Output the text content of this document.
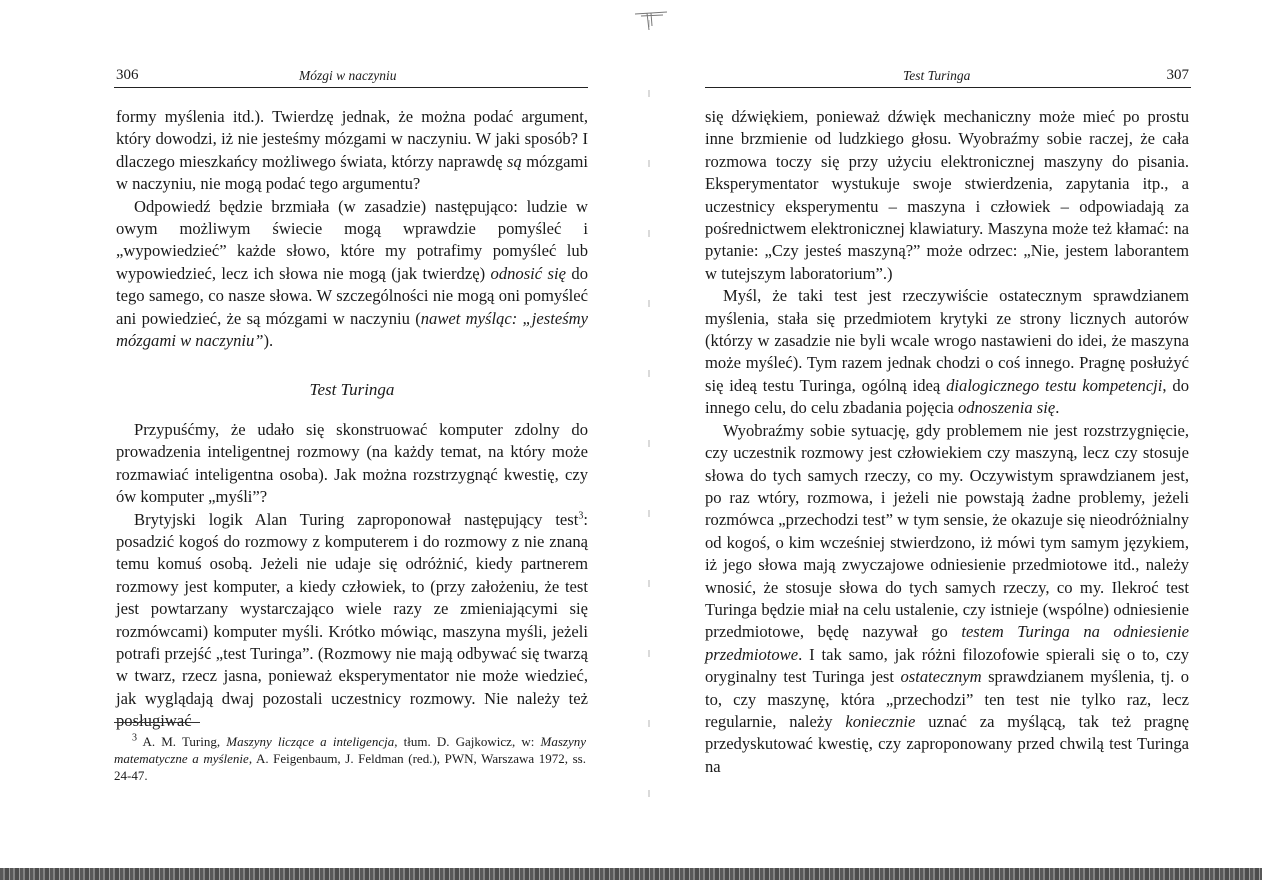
306	Mózgi w naczyniu

formy myślenia itd.). Twierdzę jednak, że można podać argument, który dowodzi, iż nie jesteśmy mózgami w naczyniu. W jaki sposób? I dlaczego mieszkańcy możliwego świata, którzy naprawdę są mózgami w naczyniu, nie mogą podać tego argumentu?

Odpowiedź będzie brzmiała (w zasadzie) następująco: ludzie w owym możliwym świecie mogą wprawdzie pomyśleć i „wypowiedzieć” każde słowo, które my potrafimy pomyśleć lub wypowiedzieć, lecz ich słowa nie mogą (jak twierdzę) odnosić się do tego samego, co nasze słowa. W szczególności nie mogą oni pomyśleć ani powiedzieć, że są mózgami w naczyniu (nawet myśląc: „jesteśmy mózgami w naczyniu”).

Test Turinga

Przypuśćmy, że udało się skonstruować komputer zdolny do prowadzenia inteligentnej rozmowy (na każdy temat, na który może rozmawiać inteligentna osoba). Jak można rozstrzygnąć kwestię, czy ów komputer „myśli”?

Brytyjski logik Alan Turing zaproponował następujący test$^3$: posadzić kogoś do rozmowy z komputerem i do rozmowy z nie znaną temu komuś osobą. Jeżeli nie udaje się odróżnić, kiedy partnerem rozmowy jest komputer, a kiedy człowiek, to (przy założeniu, że test jest powtarzany wystarczająco wiele razy ze zmieniającymi się rozmówcami) komputer myśli. Krótko mówiąc, maszyna myśli, jeżeli potrafi przejść „test Turinga”. (Rozmowy nie mają odbywać się twarzą w twarz, rzecz jasna, ponieważ eksperymentator nie może wiedzieć, jak wyglądają dwaj pozostali uczestnicy rozmowy. Nie należy też posługiwać

$^3$ A. M. Turing, Maszyny liczące a inteligencja, tłum. D. Gajkowicz, w: Maszyny matematyczne a myślenie, A. Feigenbaum, J. Feldman (red.), PWN, Warszawa 1972, ss. 24-47.

Test Turinga	307

się dźwiękiem, ponieważ dźwięk mechaniczny może mieć po prostu inne brzmienie od ludzkiego głosu. Wyobraźmy sobie raczej, że cała rozmowa toczy się przy użyciu elektronicznej maszyny do pisania. Eksperymentator wystukuje swoje stwierdzenia, zapytania itp., a uczestnicy eksperymentu – maszyna i człowiek – odpowiadają za pośrednictwem elektronicznej klawiatury. Maszyna może też kłamać: na pytanie: „Czy jesteś maszyną?” może odrzec: „Nie, jestem laborantem w tutejszym laboratorium”.)

Myśl, że taki test jest rzeczywiście ostatecznym sprawdzianem myślenia, stała się przedmiotem krytyki ze strony licznych autorów (którzy w zasadzie nie byli wcale wrogo nastawieni do idei, że maszyna może myśleć). Tym razem jednak chodzi o coś innego. Pragnę posłużyć się ideą testu Turinga, ogólną ideą dialogicznego testu kompetencji, do innego celu, do celu zbadania pojęcia odnoszenia się.

Wyobraźmy sobie sytuację, gdy problemem nie jest rozstrzygnięcie, czy uczestnik rozmowy jest człowiekiem czy maszyną, lecz czy stosuje słowa do tych samych rzeczy, co my. Oczywistym sprawdzianem jest, po raz wtóry, rozmowa, i jeżeli nie powstają żadne problemy, jeżeli rozmówca „przechodzi test” w tym sensie, że okazuje się nieodróżnialny od kogoś, o kim wcześniej stwierdzono, iż mówi tym samym językiem, iż jego słowa mają zwyczajowe odniesienie przedmiotowe itd., należy wnosić, że stosuje słowa do tych samych rzeczy, co my. Ilekroć test Turinga będzie miał na celu ustalenie, czy istnieje (wspólne) odniesienie przedmiotowe, będę nazywał go testem Turinga na odniesienie przedmiotowe. I tak samo, jak różni filozofowie spierali się o to, czy oryginalny test Turinga jest ostatecznym sprawdzianem myślenia, tj. o to, czy maszynę, która „przechodzi” ten test nie tylko raz, lecz regularnie, należy koniecznie uznać za myślącą, tak też pragnę przedyskutować kwestię, czy zaproponowany przed chwilą test Turinga na
